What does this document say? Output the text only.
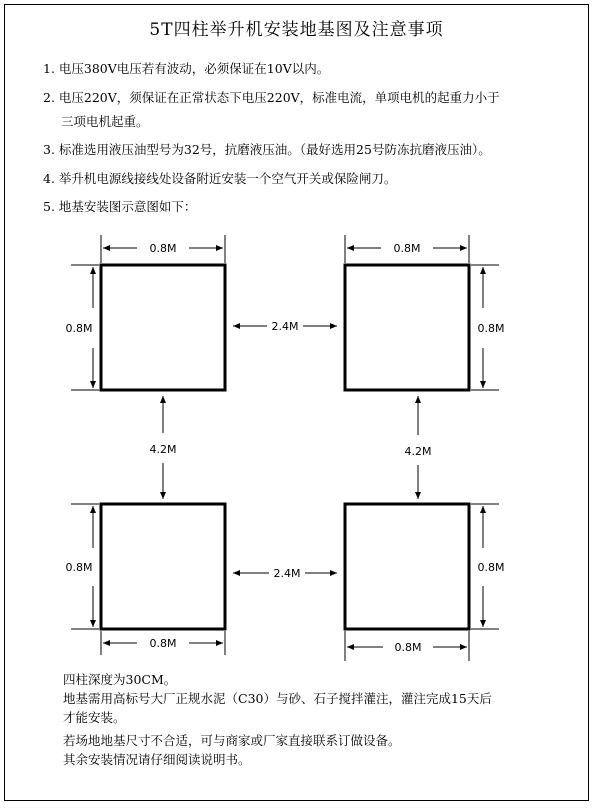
5T四柱举升机安装地基图及注意事项
1. 电压380V电压若有波动，必须保证在10V以内。
2. 电压220V，须保证在正常状态下电压220V，标准电流，单项电机的起重力小于
三项电机起重。
3. 标准选用液压油型号为32号，抗磨液压油。（最好选用25号防冻抗磨液压油）。
4. 举升机电源线接线处设备附近安装一个空气开关或保险闸刀。
5. 地基安装图示意图如下：
0.8M	0.8M
0.8M	0.8M
2.4M
4.2M	4.2M
0.8M	0.8M
2.4M
0.8M	0.8M
四柱深度为30CM。
地基需用高标号大厂正规水泥（C30）与砂、石子搅拌灌注，灌注完成15天后
才能安装。
若场地地基尺寸不合适，可与商家或厂家直接联系订做设备。
其余安装情况请仔细阅读说明书。
